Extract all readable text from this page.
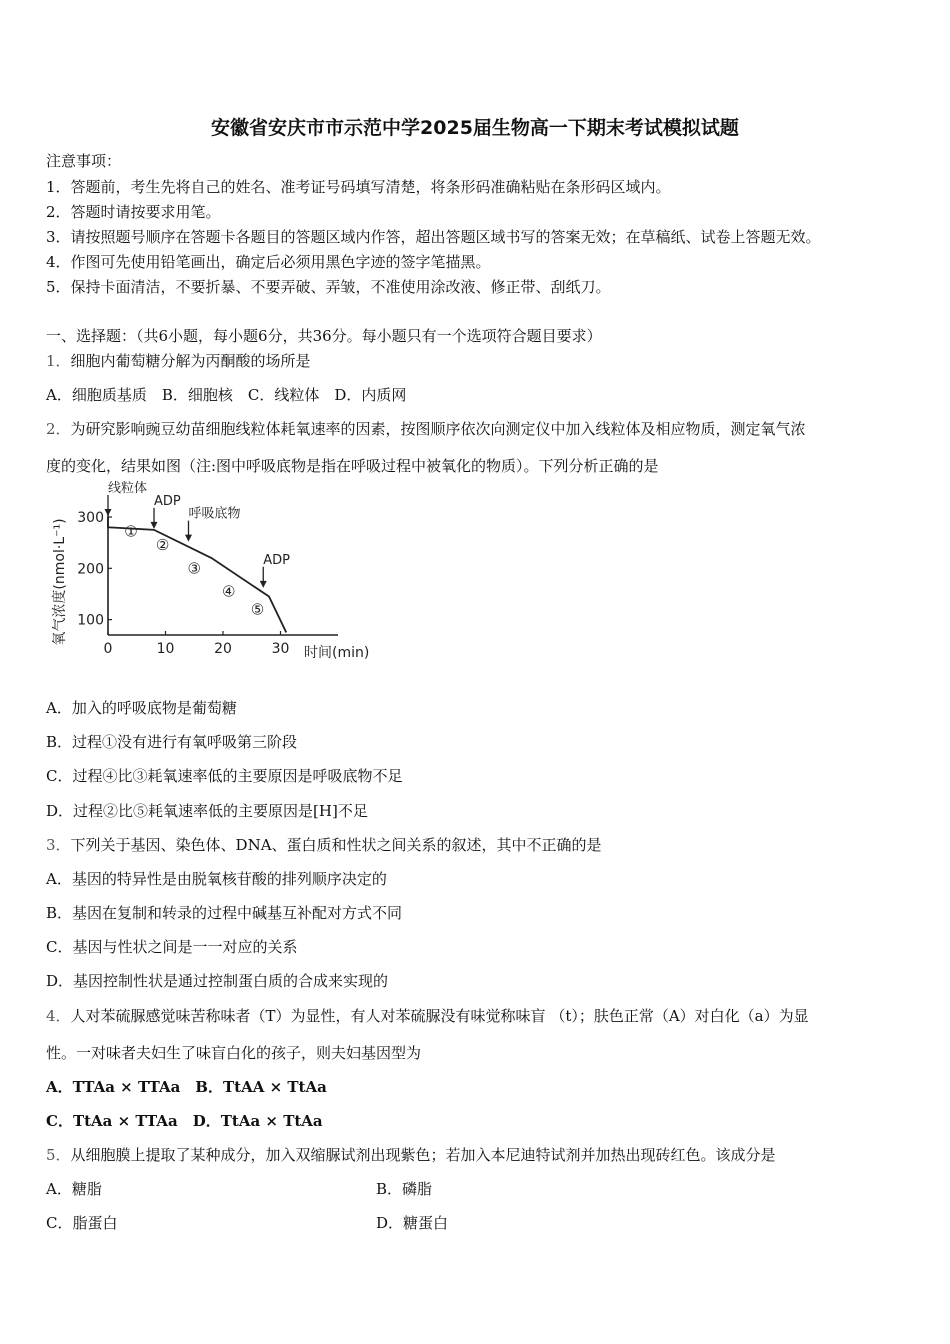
安徽省安庆市市示范中学2025届生物高一下期末考试模拟试题
注意事项：
1．答题前，考生先将自己的姓名、准考证号码填写清楚，将条形码准确粘贴在条形码区域内。
2．答题时请按要求用笔。
3．请按照题号顺序在答题卡各题目的答题区域内作答，超出答题区域书写的答案无效；在草稿纸、试卷上答题无效。
4．作图可先使用铅笔画出，确定后必须用黑色字迹的签字笔描黑。
5．保持卡面清洁，不要折暴、不要弄破、弄皱，不准使用涂改液、修正带、刮纸刀。
一、选择题：（共6小题，每小题6分，共36分。每小题只有一个选项符合题目要求）
1．细胞内葡萄糖分解为丙酮酸的场所是
A．细胞质基质　B．细胞核　C．线粒体　D．内质网
2．为研究影响豌豆幼苗细胞线粒体耗氧速率的因素，按图顺序依次向测定仪中加入线粒体及相应物质，测定氧气浓
度的变化，结果如图（注:图中呼吸底物是指在呼吸过程中被氧化的物质）。下列分析正确的是
0	10	20	30
100
200
300
时间(min)
氧气浓度(nmol·L⁻¹)
线粒体
ADP
呼吸底物
ADP
①
②
③
④
⑤
A．加入的呼吸底物是葡萄糖
B．过程①没有进行有氧呼吸第三阶段
C．过程④比③耗氧速率低的主要原因是呼吸底物不足
D．过程②比⑤耗氧速率低的主要原因是[H]不足
3．下列关于基因、染色体、DNA、蛋白质和性状之间关系的叙述，其中不正确的是
A．基因的特异性是由脱氧核苷酸的排列顺序决定的
B．基因在复制和转录的过程中碱基互补配对方式不同
C．基因与性状之间是一一对应的关系
D．基因控制性状是通过控制蛋白质的合成来实现的
4．人对苯硫脲感觉味苦称味者（T）为显性，有人对苯硫脲没有味觉称味盲 （t）；肤色正常（A）对白化（a）为显
性。一对味者夫妇生了味盲白化的孩子，则夫妇基因型为
A．TTAa × TTAa　B．TtAA × TtAa
C．TtAa × TTAa　D．TtAa × TtAa
5．从细胞膜上提取了某种成分，加入双缩脲试剂出现紫色；若加入本尼迪特试剂并加热出现砖红色。该成分是
A．糖脂	B．磷脂
C．脂蛋白	D．糖蛋白
